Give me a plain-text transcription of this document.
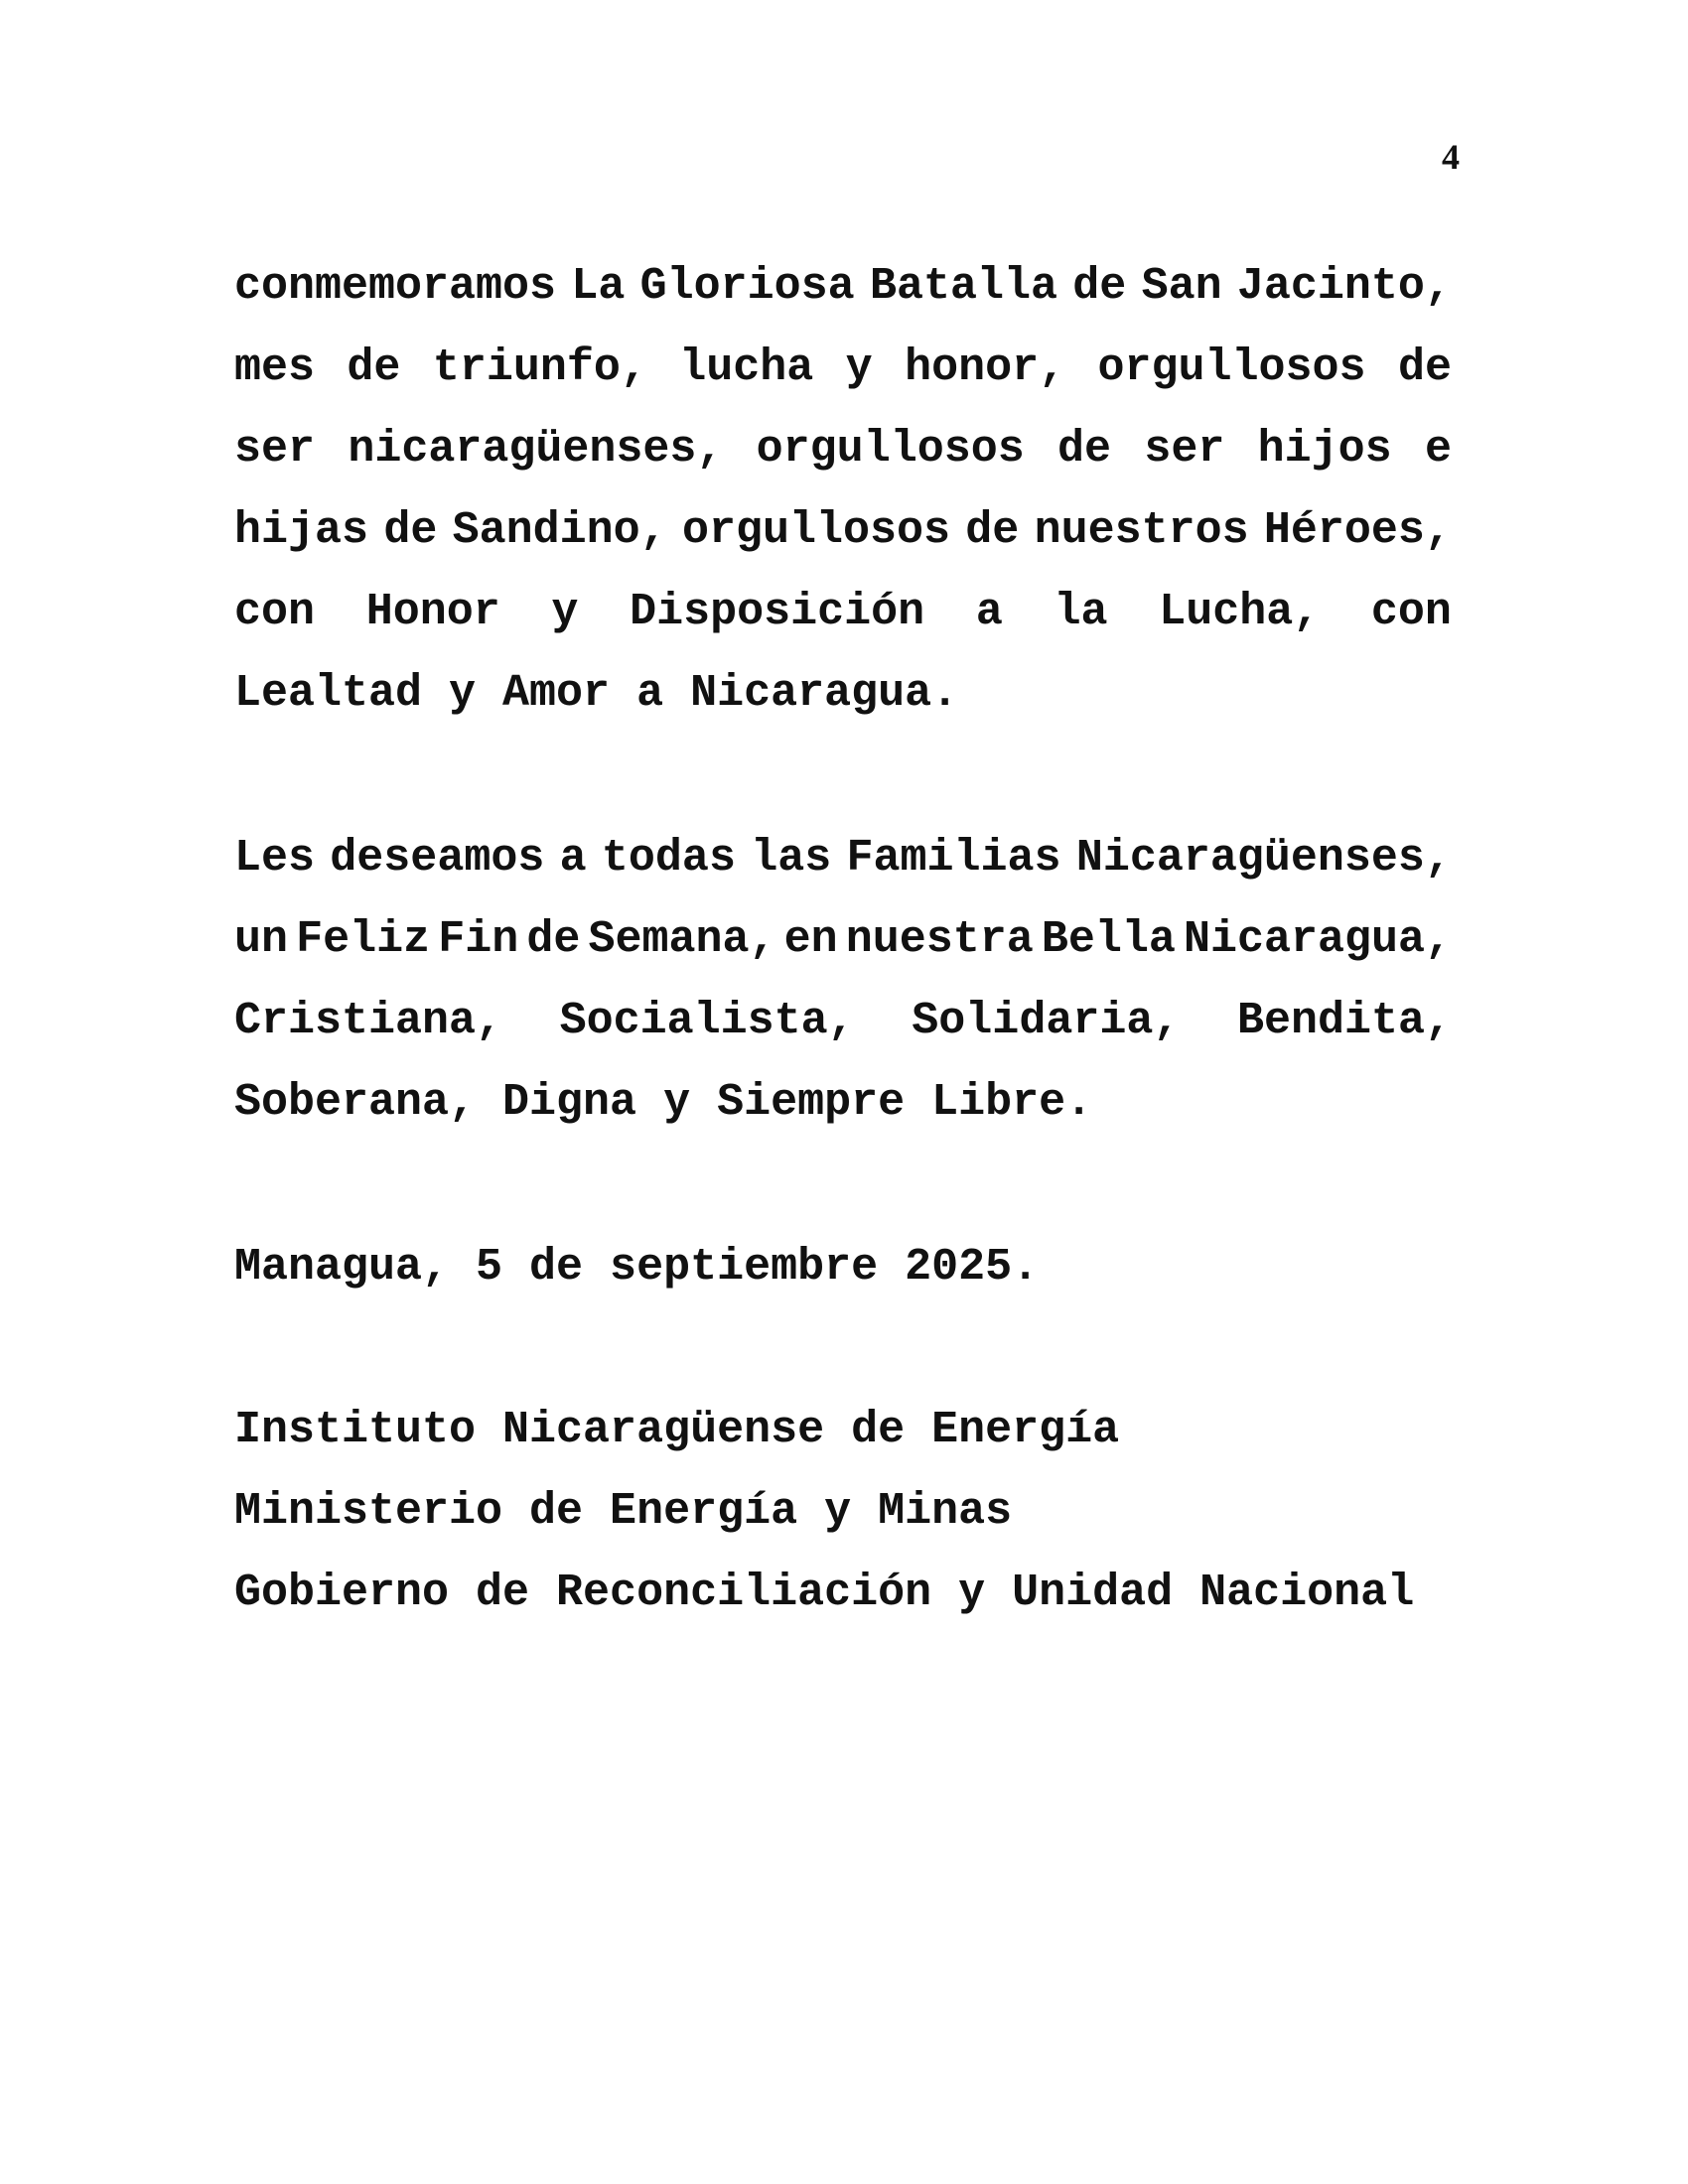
4
conmemoramos La Gloriosa Batalla de San Jacinto,
mes de triunfo, lucha y honor, orgullosos de
ser nicaragüenses, orgullosos de ser hijos e
hijas de Sandino, orgullosos de nuestros Héroes,
con Honor y Disposición a la Lucha, con
Lealtad y Amor a Nicaragua.
Les deseamos a todas las Familias Nicaragüenses,
un Feliz Fin de Semana, en nuestra Bella Nicaragua,
Cristiana, Socialista, Solidaria, Bendita,
Soberana, Digna y Siempre Libre.
Managua, 5 de septiembre 2025.
Instituto Nicaragüense de Energía
Ministerio de Energía y Minas
Gobierno de Reconciliación y Unidad Nacional
